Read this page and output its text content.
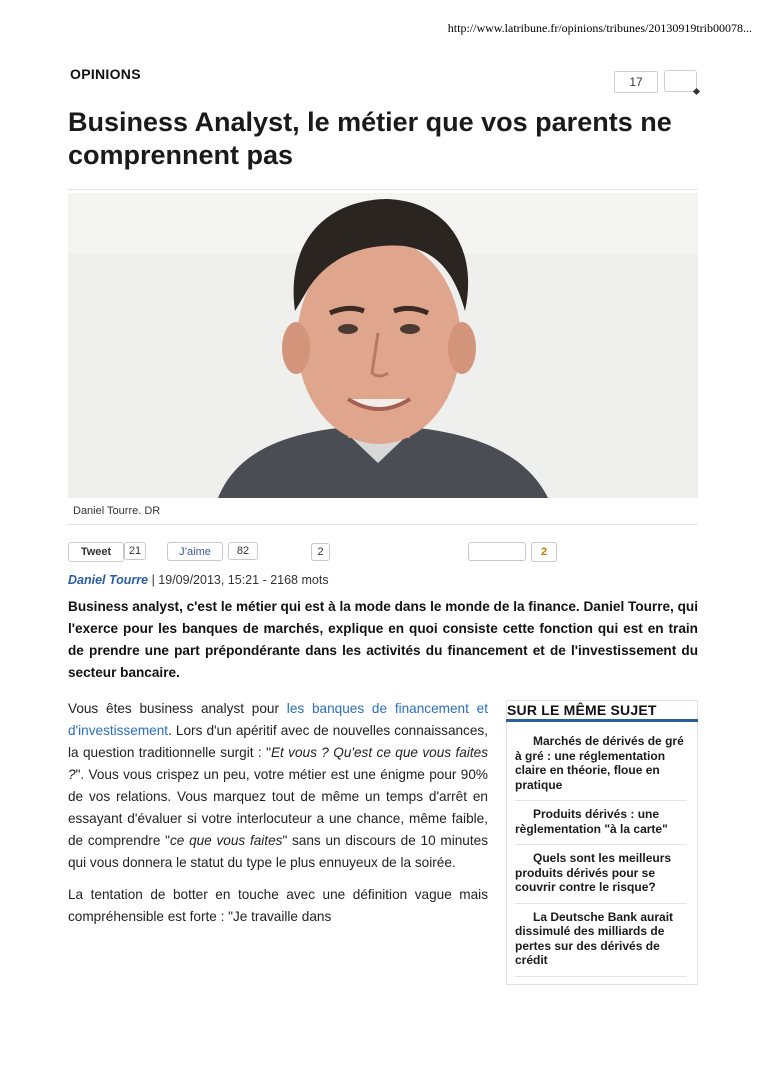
http://www.latribune.fr/opinions/tribunes/20130919trib00078...
OPINIONS	17
Business Analyst, le métier que vos parents ne comprennent pas
Daniel Tourre. DR
Tweet	21	J’aime	82	2	2
Daniel Tourre | 19/09/2013, 15:21 - 2168 mots

Business analyst, c'est le métier qui est à la mode dans le monde de la finance. Daniel Tourre, qui l'exerce pour les banques de marchés, explique en quoi consiste cette fonction qui est en train de prendre une part prépondérante dans les activités du financement et de l'investissement du secteur bancaire.

Vous êtes business analyst pour les banques de financement et d'investissement. Lors d'un apéritif avec de nouvelles connaissances, la question traditionnelle surgit : "Et vous ? Qu'est ce que vous faites ?". Vous vous crispez un peu, votre métier est une énigme pour 90% de vos relations. Vous marquez tout de même un temps d'arrêt en essayant d'évaluer si votre interlocuteur a une chance, même faible, de comprendre "ce que vous faites" sans un discours de 10 minutes qui vous donnera le statut du type le plus ennuyeux de la soirée.

La tentation de botter en touche avec une définition vague mais compréhensible est forte : "Je travaille dans

SUR LE MÊME SUJET
Marchés de dérivés de gré à gré : une réglementation claire en théorie, floue en pratique
Produits dérivés : une règlementation "à la carte"
Quels sont les meilleurs produits dérivés pour se couvrir contre le risque?
La Deutsche Bank aurait dissimulé des milliards de pertes sur des dérivés de crédit
